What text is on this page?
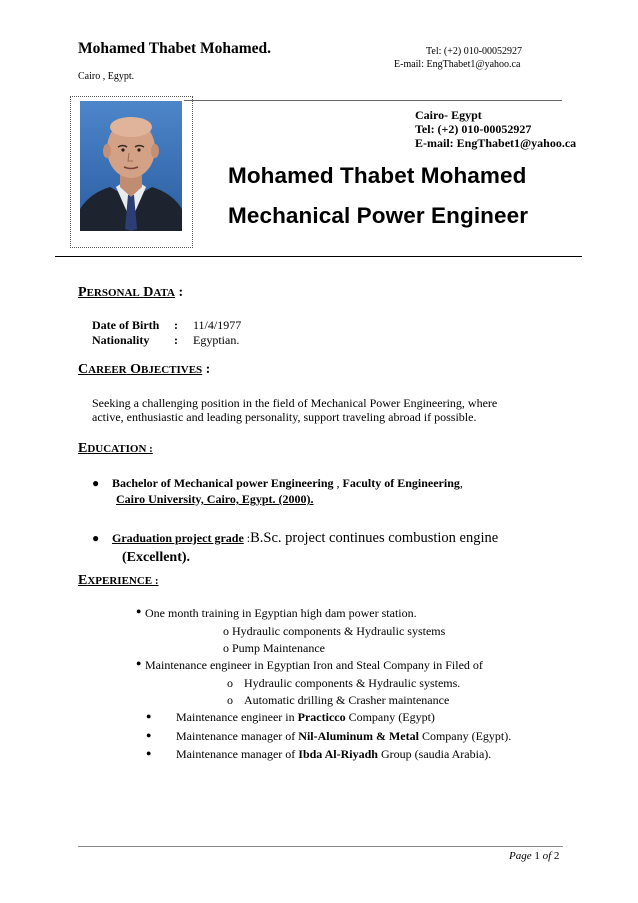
Mohamed Thabet Mohamed.
Cairo , Egypt.
Tel: (+2) 010-00052927
E-mail: EngThabet1@yahoo.ca
Cairo- Egypt
Tel: (+2) 010-00052927
E-mail: EngThabet1@yahoo.ca
Mohamed Thabet Mohamed
Mechanical Power Engineer
PERSONAL DATA :
Date of Birth : 11/4/1977
Nationality : Egyptian.
CAREER OBJECTIVES :
Seeking a challenging position in the field of Mechanical Power Engineering, where
active, enthusiastic and leading personality, support traveling abroad if possible.
EDUCATION :
● Bachelor of Mechanical power Engineering , Faculty of Engineering,
Cairo University, Cairo, Egypt. (2000).
● Graduation project grade :B.Sc. project continues combustion engine
(Excellent).
EXPERIENCE :
● One month training in Egyptian high dam power station.
o Hydraulic components & Hydraulic systems
o Pump Maintenance
● Maintenance engineer in Egyptian Iron and Steal Company in Filed of
o Hydraulic components & Hydraulic systems.
o Automatic drilling & Crasher maintenance
● Maintenance engineer in Practicco Company (Egypt)
● Maintenance manager of Nil-Aluminum & Metal Company (Egypt).
● Maintenance manager of Ibda Al-Riyadh Group (saudia Arabia).
Page 1 of 2
